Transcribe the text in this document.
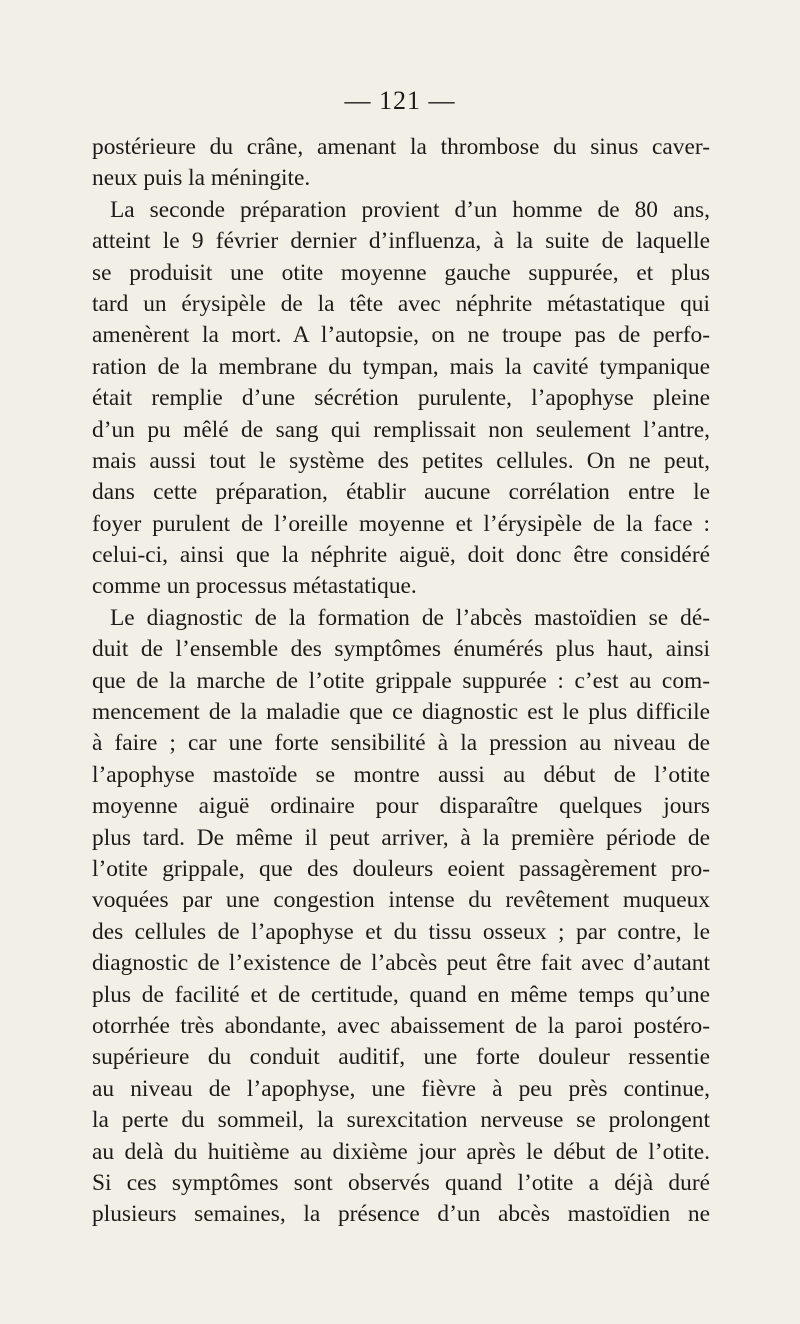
— 121 —
postérieure du crâne, amenant la thrombose du sinus caver-
neux puis la méningite.
La seconde préparation provient d’un homme de 80 ans,
atteint le 9 février dernier d’influenza, à la suite de laquelle
se produisit une otite moyenne gauche suppurée, et plus
tard un érysipèle de la tête avec néphrite métastatique qui
amenèrent la mort. A l’autopsie, on ne troupe pas de perfo-
ration de la membrane du tympan, mais la cavité tympanique
était remplie d’une sécrétion purulente, l’apophyse pleine
d’un pu mêlé de sang qui remplissait non seulement l’antre,
mais aussi tout le système des petites cellules. On ne peut,
dans cette préparation, établir aucune corrélation entre le
foyer purulent de l’oreille moyenne et l’érysipèle de la face :
celui-ci, ainsi que la néphrite aiguë, doit donc être considéré
comme un processus métastatique.
Le diagnostic de la formation de l’abcès mastoïdien se dé-
duit de l’ensemble des symptômes énumérés plus haut, ainsi
que de la marche de l’otite grippale suppurée : c’est au com-
mencement de la maladie que ce diagnostic est le plus difficile
à faire ; car une forte sensibilité à la pression au niveau de
l’apophyse mastoïde se montre aussi au début de l’otite
moyenne aiguë ordinaire pour disparaître quelques jours
plus tard. De même il peut arriver, à la première période de
l’otite grippale, que des douleurs eoient passagèrement pro-
voquées par une congestion intense du revêtement muqueux
des cellules de l’apophyse et du tissu osseux ; par contre, le
diagnostic de l’existence de l’abcès peut être fait avec d’autant
plus de facilité et de certitude, quand en même temps qu’une
otorrhée très abondante, avec abaissement de la paroi postéro-
supérieure du conduit auditif, une forte douleur ressentie
au niveau de l’apophyse, une fièvre à peu près continue,
la perte du sommeil, la surexcitation nerveuse se prolongent
au delà du huitième au dixième jour après le début de l’otite.
Si ces symptômes sont observés quand l’otite a déjà duré
plusieurs semaines, la présence d’un abcès mastoïdien ne
